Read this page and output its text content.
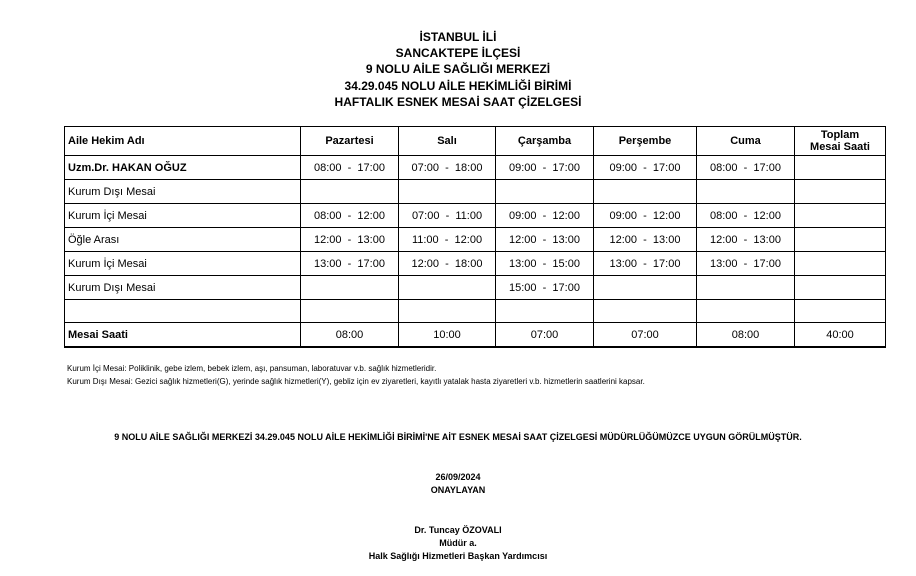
İSTANBUL İLİ
SANCAKTEPE İLÇESİ
9 NOLU AİLE SAĞLIĞI MERKEZİ
34.29.045 NOLU AİLE HEKİMLİĞİ BİRİMİ
HAFTALIK ESNEK MESAİ SAAT ÇİZELGESİ
Aile Hekim Adı	Pazartesi	Salı	Çarşamba	Perşembe	Cuma	Toplam
Mesai Saati
Uzm.Dr. HAKAN OĞUZ	08:00  -  17:00	07:00  -  18:00	09:00  -  17:00	09:00  -  17:00	08:00  -  17:00	
Kurum Dışı Mesai						
Kurum İçi Mesai	08:00  -  12:00	07:00  -  11:00	09:00  -  12:00	09:00  -  12:00	08:00  -  12:00	
Öğle Arası	12:00  -  13:00	11:00  -  12:00	12:00  -  13:00	12:00  -  13:00	12:00  -  13:00	
Kurum İçi Mesai	13:00  -  17:00	12:00  -  18:00	13:00  -  15:00	13:00  -  17:00	13:00  -  17:00	
Kurum Dışı Mesai			15:00  -  17:00			

Mesai Saati	08:00	10:00	07:00	07:00	08:00	40:00
Kurum İçi Mesai: Poliklinik, gebe izlem, bebek izlem, aşı, pansuman, laboratuvar v.b. sağlık hizmetleridir.
Kurum Dışı Mesai: Gezici sağlık hizmetleri(G), yerinde sağlık hizmetleri(Y), gebliz için ev ziyaretleri, kayıtlı yatalak hasta ziyaretleri v.b. hizmetlerin saatlerini kapsar.
9 NOLU AİLE SAĞLIĞI MERKEZİ 34.29.045 NOLU AİLE HEKİMLİĞİ BİRİMİ'NE AİT ESNEK MESAİ SAAT ÇİZELGESİ MÜDÜRLÜĞÜMÜZCE UYGUN GÖRÜLMÜŞTÜR.
26/09/2024
ONAYLAYAN
Dr. Tuncay ÖZOVALI
Müdür a.
Halk Sağlığı Hizmetleri Başkan Yardımcısı
